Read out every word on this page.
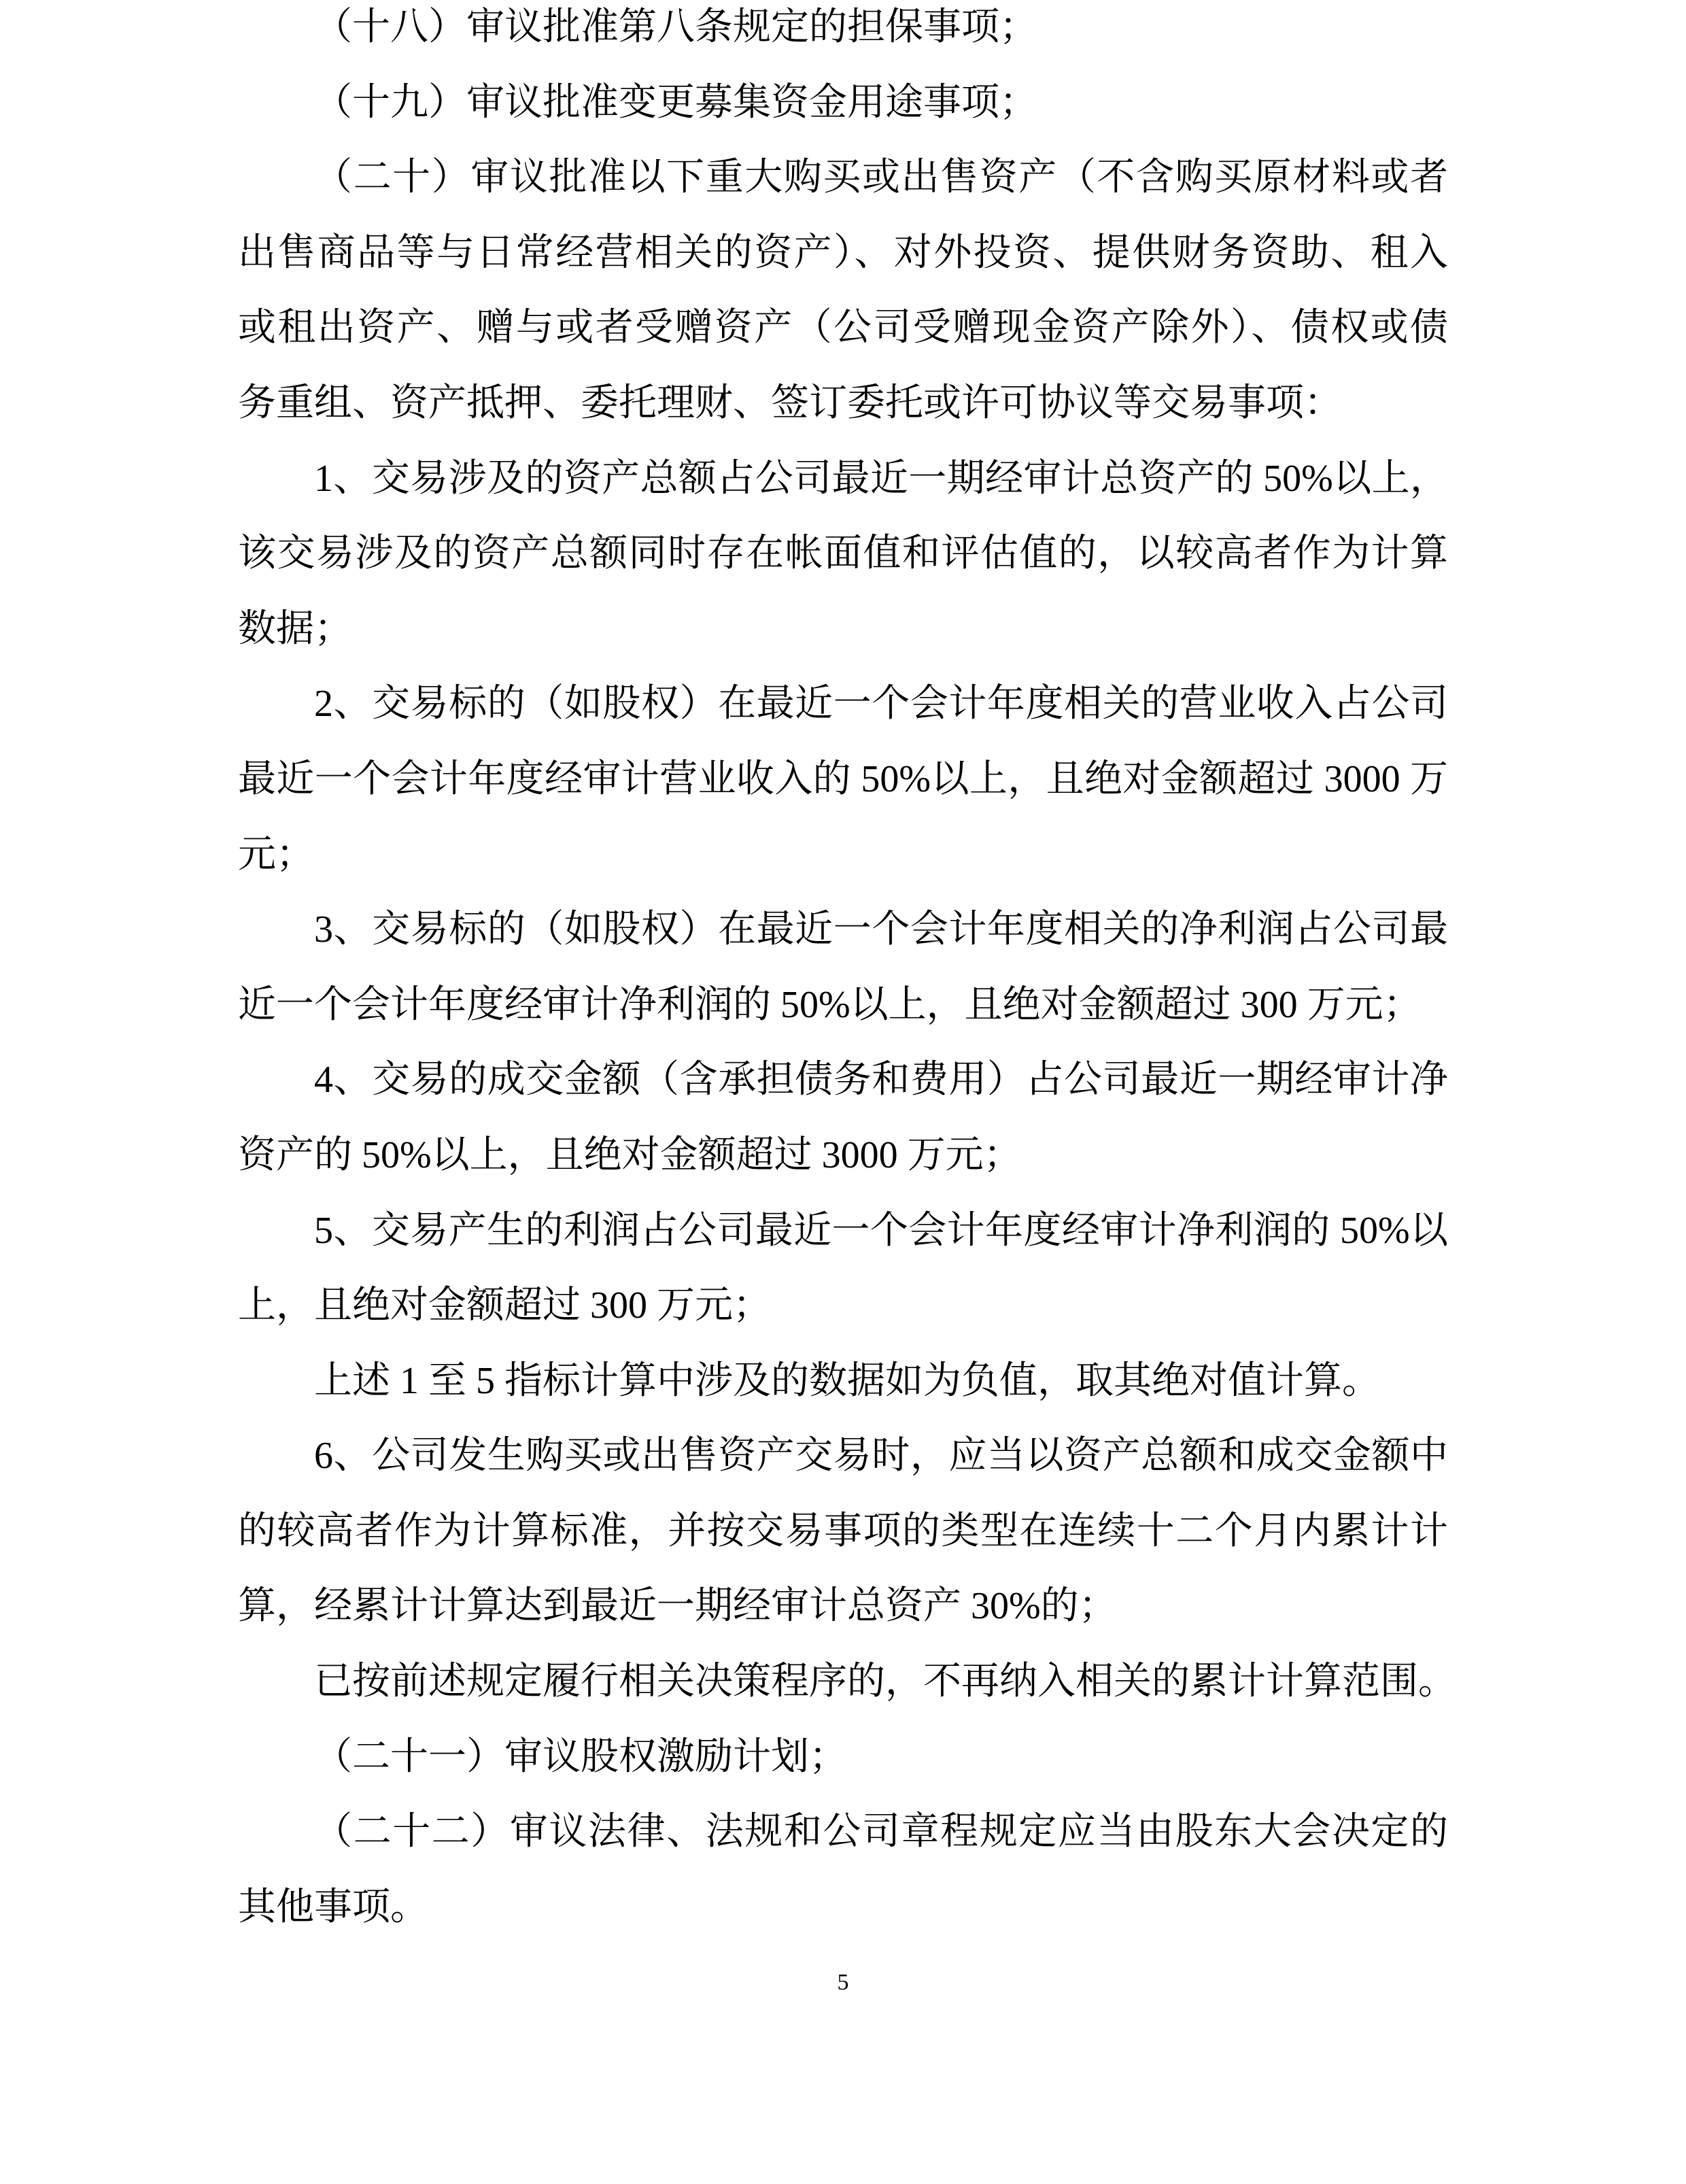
（十八）审议批准第八条规定的担保事项；
（十九）审议批准变更募集资金用途事项；
（二十）审议批准以下重大购买或出售资产（不含购买原材料或者
出售商品等与日常经营相关的资产）、对外投资、提供财务资助、租入
或租出资产、赠与或者受赠资产（公司受赠现金资产除外）、债权或债
务重组、资产抵押、委托理财、签订委托或许可协议等交易事项：
1、交易涉及的资产总额占公司最近一期经审计总资产的 50%以上，
该交易涉及的资产总额同时存在帐面值和评估值的，以较高者作为计算
数据；
2、交易标的（如股权）在最近一个会计年度相关的营业收入占公司
最近一个会计年度经审计营业收入的 50%以上，且绝对金额超过 3000 万
元；
3、交易标的（如股权）在最近一个会计年度相关的净利润占公司最
近一个会计年度经审计净利润的 50%以上，且绝对金额超过 300 万元；
4、交易的成交金额（含承担债务和费用）占公司最近一期经审计净
资产的 50%以上，且绝对金额超过 3000 万元；
5、交易产生的利润占公司最近一个会计年度经审计净利润的 50%以
上，且绝对金额超过 300 万元；
上述 1 至 5 指标计算中涉及的数据如为负值，取其绝对值计算。
6、公司发生购买或出售资产交易时，应当以资产总额和成交金额中
的较高者作为计算标准，并按交易事项的类型在连续十二个月内累计计
算，经累计计算达到最近一期经审计总资产 30%的；
已按前述规定履行相关决策程序的，不再纳入相关的累计计算范围。
（二十一）审议股权激励计划；
（二十二）审议法律、法规和公司章程规定应当由股东大会决定的
其他事项。
5
